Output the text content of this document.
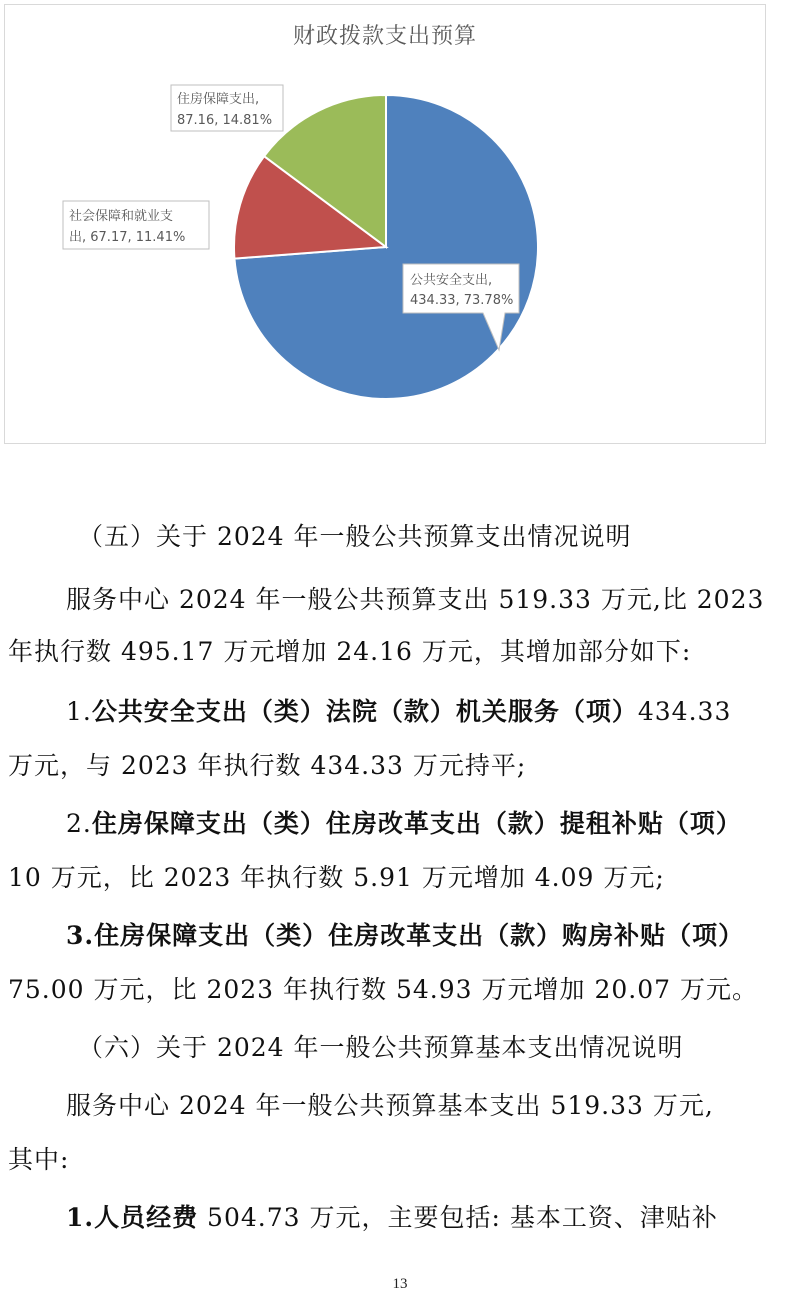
财政拨款支出预算
公共安全支出,
434.33, 73.78%
社会保障和就业支
出, 67.17, 11.41%
住房保障支出,
87.16, 14.81%

（五）关于 2024 年一般公共预算支出情况说明

服务中心 2024 年一般公共预算支出 519.33 万元,比 2023

年执行数 495.17 万元增加 24.16 万元，其增加部分如下:

1.公共安全支出（类）法院（款）机关服务（项）434.33

万元，与 2023 年执行数 434.33 万元持平;

2.住房保障支出（类）住房改革支出（款）提租补贴（项）

10 万元，比 2023 年执行数 5.91 万元增加 4.09 万元;

3.住房保障支出（类）住房改革支出（款）购房补贴（项）

75.00 万元，比 2023 年执行数 54.93 万元增加 20.07 万元。

（六）关于 2024 年一般公共预算基本支出情况说明

服务中心 2024 年一般公共预算基本支出 519.33 万元,

其中:

1.人员经费 504.73 万元，主要包括: 基本工资、津贴补

13
